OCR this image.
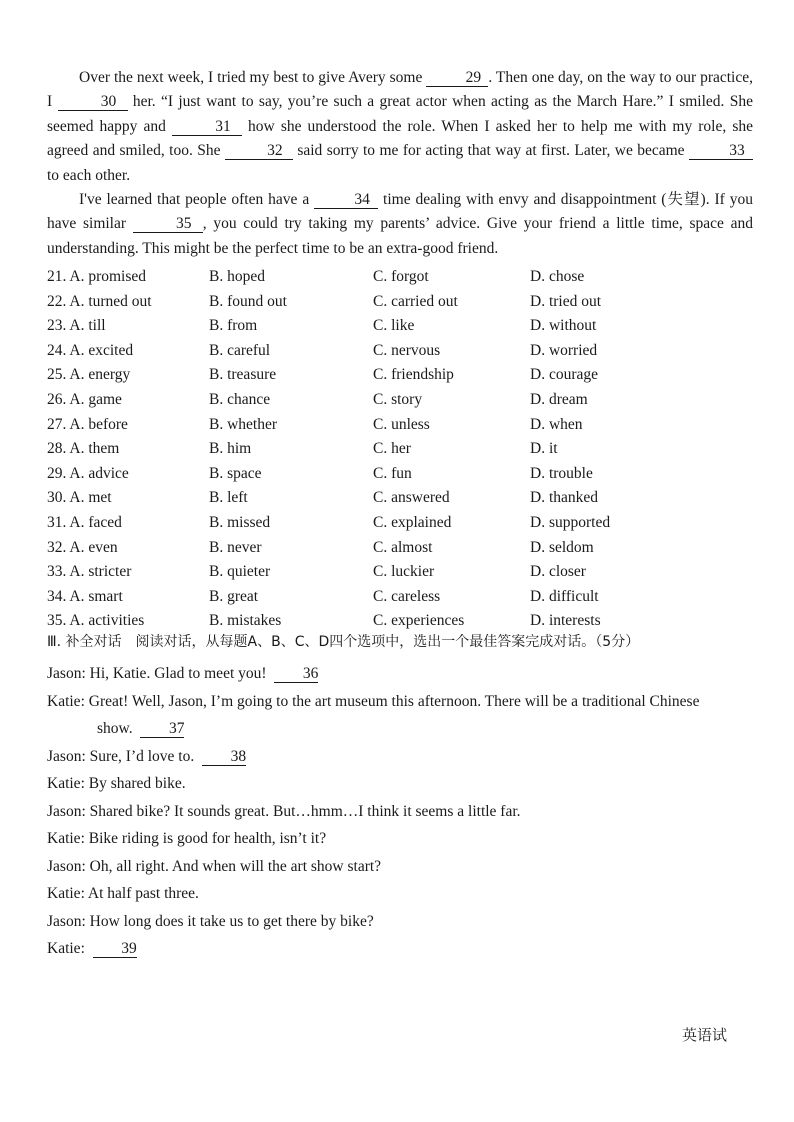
Over the next week, I tried my best to give Avery some	29 . Then one day, on the way to our practice, I	30 her. “I just want to say, you’re such a great actor when acting as the March Hare.” I smiled. She seemed happy and	31 how she understood the role. When I asked her to help me with my role, she agreed and smiled, too. She	32 said sorry to me for acting that way at first. Later, we became	33 to each other.

I've learned that people often have a	34 time dealing with envy and disappointment (失望). If you have similar	35 , you could try taking my parents’ advice. Give your friend a little time, space and understanding. This might be the perfect time to be an extra-good friend.

21. A. promised	B. hoped	C. forgot	D. chose
22. A. turned out	B. found out	C. carried out	D. tried out
23. A. till	B. from	C. like	D. without
24. A. excited	B. careful	C. nervous	D. worried
25. A. energy	B. treasure	C. friendship	D. courage
26. A. game	B. chance	C. story	D. dream
27. A. before	B. whether	C. unless	D. when
28. A. them	B. him	C. her	D. it
29. A. advice	B. space	C. fun	D. trouble
30. A. met	B. left	C. answered	D. thanked
31. A. faced	B. missed	C. explained	D. supported
32. A. even	B. never	C. almost	D. seldom
33. A. stricter	B. quieter	C. luckier	D. closer
34. A. smart	B. great	C. careless	D. difficult
35. A. activities	B. mistakes	C. experiences	D. interests
Ⅲ. 补全对话　阅读对话，从每题A、B、C、D四个选项中，选出一个最佳答案完成对话。（5分）

Jason: Hi, Katie. Glad to meet you! 36

Katie: Great! Well, Jason, I’m going to the art museum this afternoon. There will be a traditional Chinese

show. 37

Jason: Sure, I’d love to. 38

Katie: By shared bike.

Jason: Shared bike? It sounds great. But…hmm…I think it seems a little far.

Katie: Bike riding is good for health, isn’t it?

Jason: Oh, all right. And when will the art show start?

Katie: At half past three.

Jason: How long does it take us to get there by bike?

Katie: 39

英语试
